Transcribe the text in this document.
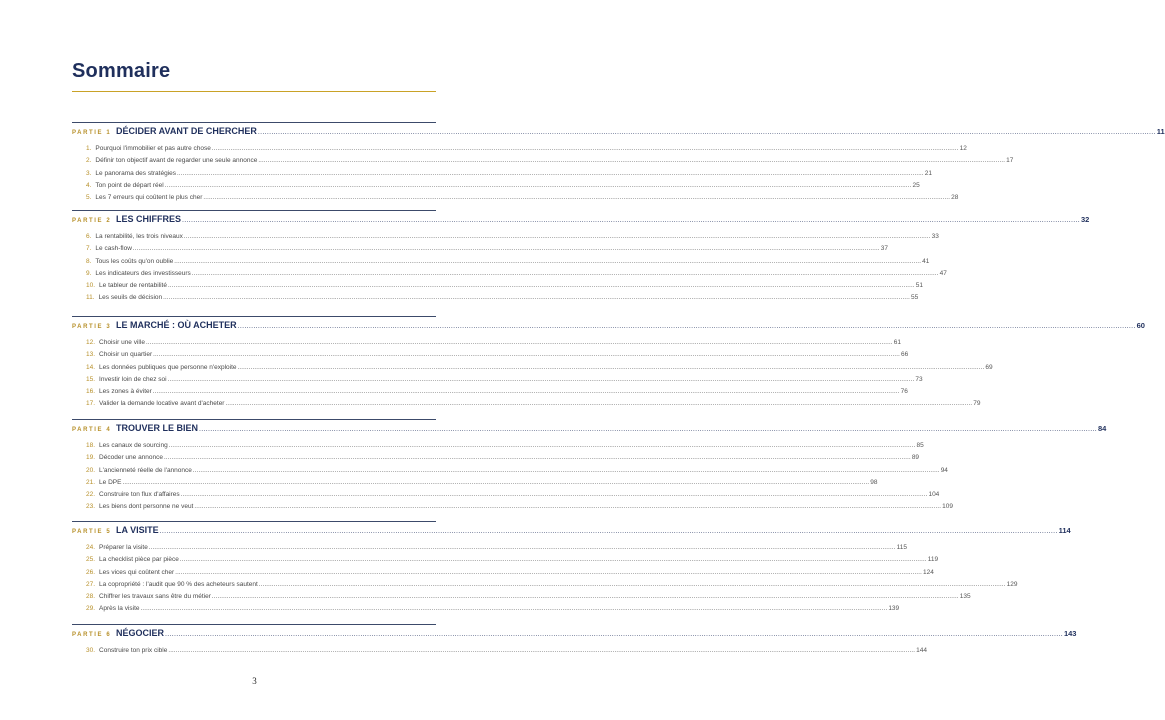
Sommaire
PARTIE 1 DÉCIDER AVANT DE CHERCHER ................................................................................................................................................................................................................................................................................................................................................................................................................ 11
1. Pourquoi l'immobilier et pas autre chose ................................................................................................................................................................................................................................................................................................................................................................................................................ 12
2. Définir ton objectif avant de regarder une seule annonce ................................................................................................................................................................................................................................................................................................................................................................................................................ 17
3. Le panorama des stratégies ................................................................................................................................................................................................................................................................................................................................................................................................................ 21
4. Ton point de départ réel ................................................................................................................................................................................................................................................................................................................................................................................................................ 25
5. Les 7 erreurs qui coûtent le plus cher ................................................................................................................................................................................................................................................................................................................................................................................................................ 28
PARTIE 2 LES CHIFFRES ................................................................................................................................................................................................................................................................................................................................................................................................................ 32
6. La rentabilité, les trois niveaux ................................................................................................................................................................................................................................................................................................................................................................................................................ 33
7. Le cash-flow ................................................................................................................................................................................................................................................................................................................................................................................................................ 37
8. Tous les coûts qu'on oublie ................................................................................................................................................................................................................................................................................................................................................................................................................ 41
9. Les indicateurs des investisseurs ................................................................................................................................................................................................................................................................................................................................................................................................................ 47
10. Le tableur de rentabilité ................................................................................................................................................................................................................................................................................................................................................................................................................ 51
11. Les seuils de décision ................................................................................................................................................................................................................................................................................................................................................................................................................ 55
PARTIE 3 LE MARCHÉ : OÙ ACHETER ................................................................................................................................................................................................................................................................................................................................................................................................................ 60
12. Choisir une ville ................................................................................................................................................................................................................................................................................................................................................................................................................ 61
13. Choisir un quartier ................................................................................................................................................................................................................................................................................................................................................................................................................ 66
14. Les données publiques que personne n'exploite ................................................................................................................................................................................................................................................................................................................................................................................................................ 69
15. Investir loin de chez soi ................................................................................................................................................................................................................................................................................................................................................................................................................ 73
16. Les zones à éviter ................................................................................................................................................................................................................................................................................................................................................................................................................ 76
17. Valider la demande locative avant d'acheter ................................................................................................................................................................................................................................................................................................................................................................................................................ 79
PARTIE 4 TROUVER LE BIEN ................................................................................................................................................................................................................................................................................................................................................................................................................ 84
18. Les canaux de sourcing ................................................................................................................................................................................................................................................................................................................................................................................................................ 85
19. Décoder une annonce ................................................................................................................................................................................................................................................................................................................................................................................................................ 89
20. L'ancienneté réelle de l'annonce ................................................................................................................................................................................................................................................................................................................................................................................................................ 94
21. Le DPE ................................................................................................................................................................................................................................................................................................................................................................................................................ 98
22. Construire ton flux d'affaires ................................................................................................................................................................................................................................................................................................................................................................................................................ 104
23. Les biens dont personne ne veut ................................................................................................................................................................................................................................................................................................................................................................................................................ 109
PARTIE 5 LA VISITE ................................................................................................................................................................................................................................................................................................................................................................................................................ 114
24. Préparer la visite ................................................................................................................................................................................................................................................................................................................................................................................................................ 115
25. La checklist pièce par pièce ................................................................................................................................................................................................................................................................................................................................................................................................................ 119
26. Les vices qui coûtent cher ................................................................................................................................................................................................................................................................................................................................................................................................................ 124
27. La copropriété : l'audit que 90 % des acheteurs sautent ................................................................................................................................................................................................................................................................................................................................................................................................................ 129
28. Chiffrer les travaux sans être du métier ................................................................................................................................................................................................................................................................................................................................................................................................................ 135
29. Après la visite ................................................................................................................................................................................................................................................................................................................................................................................................................ 139
PARTIE 6 NÉGOCIER ................................................................................................................................................................................................................................................................................................................................................................................................................ 143
30. Construire ton prix cible ................................................................................................................................................................................................................................................................................................................................................................................................................ 144
3
